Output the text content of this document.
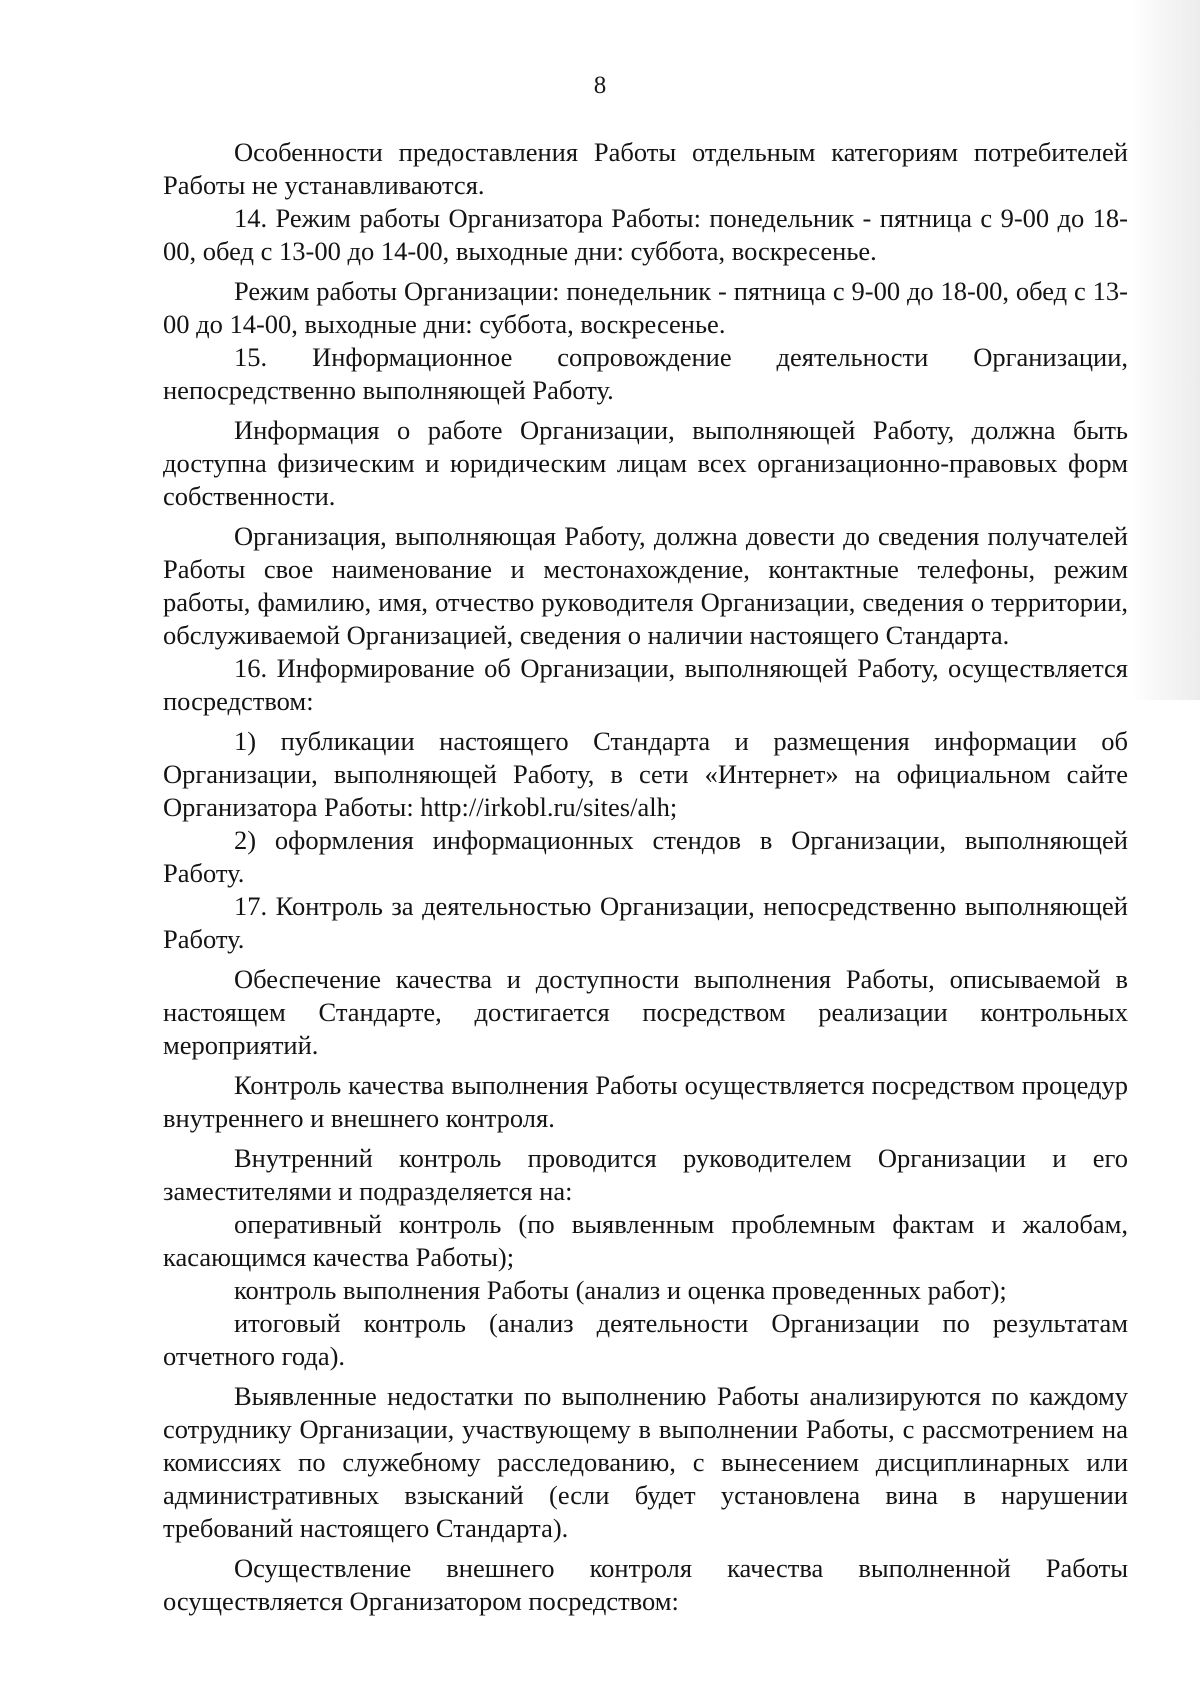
8

Особенности предоставления Работы отдельным категориям потребителей Работы не устанавливаются.

14. Режим работы Организатора Работы: понедельник - пятница с 9-00 до 18-00, обед с 13-00 до 14-00, выходные дни: суббота, воскресенье.

Режим работы Организации: понедельник - пятница с 9-00 до 18-00, обед с 13-00 до 14-00, выходные дни: суббота, воскресенье.

15. Информационное сопровождение деятельности Организации, непосредственно выполняющей Работу.

Информация о работе Организации, выполняющей Работу, должна быть доступна физическим и юридическим лицам всех организационно-правовых форм собственности.

Организация, выполняющая Работу, должна довести до сведения получателей Работы свое наименование и местонахождение, контактные телефоны, режим работы, фамилию, имя, отчество руководителя Организации, сведения о территории, обслуживаемой Организацией, сведения о наличии настоящего Стандарта.

16. Информирование об Организации, выполняющей Работу, осуществляется посредством:

1) публикации настоящего Стандарта и размещения информации об Организации, выполняющей Работу, в сети «Интернет» на официальном сайте Организатора Работы: http://irkobl.ru/sites/alh;

2) оформления информационных стендов в Организации, выполняющей Работу.

17. Контроль за деятельностью Организации, непосредственно выполняющей Работу.

Обеспечение качества и доступности выполнения Работы, описываемой в настоящем Стандарте, достигается посредством реализации контрольных мероприятий.

Контроль качества выполнения Работы осуществляется посредством процедур внутреннего и внешнего контроля.

Внутренний контроль проводится руководителем Организации и его заместителями и подразделяется на:

оперативный контроль (по выявленным проблемным фактам и жалобам, касающимся качества Работы);

контроль выполнения Работы (анализ и оценка проведенных работ);

итоговый контроль (анализ деятельности Организации по результатам отчетного года).

Выявленные недостатки по выполнению Работы анализируются по каждому сотруднику Организации, участвующему в выполнении Работы, с рассмотрением на комиссиях по служебному расследованию, с вынесением дисциплинарных или административных взысканий (если будет установлена вина в нарушении требований настоящего Стандарта).

Осуществление внешнего контроля качества выполненной Работы осуществляется Организатором посредством:
